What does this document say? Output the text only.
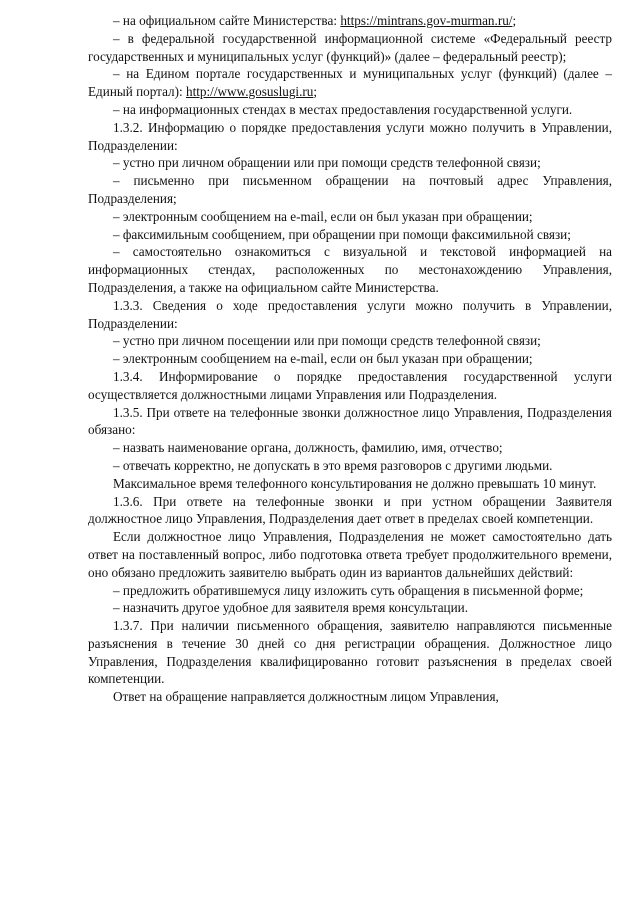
– на официальном сайте Министерства: https://mintrans.gov-murman.ru/;

– в федеральной государственной информационной системе «Федеральный реестр государственных и муниципальных услуг (функций)» (далее – федеральный реестр);

– на Едином портале государственных и муниципальных услуг (функций) (далее – Единый портал): http://www.gosuslugi.ru;

– на информационных стендах в местах предоставления государственной услуги.

1.3.2. Информацию о порядке предоставления услуги можно получить в Управлении, Подразделении:

– устно при личном обращении или при помощи средств телефонной связи;

– письменно при письменном обращении на почтовый адрес Управления, Подразделения;

– электронным сообщением на e-mail, если он был указан при обращении;

– факсимильным сообщением, при обращении при помощи факсимильной связи;

– самостоятельно ознакомиться с визуальной и текстовой информацией на информационных стендах, расположенных по местонахождению Управления, Подразделения, а также на официальном сайте Министерства.

1.3.3. Сведения о ходе предоставления услуги можно получить в Управлении, Подразделении:

– устно при личном посещении или при помощи средств телефонной связи;

– электронным сообщением на e-mail, если он был указан при обращении;

1.3.4. Информирование о порядке предоставления государственной услуги осуществляется должностными лицами Управления или Подразделения.

1.3.5. При ответе на телефонные звонки должностное лицо Управления, Подразделения обязано:

– назвать наименование органа, должность, фамилию, имя, отчество;

– отвечать корректно, не допускать в это время разговоров с другими людьми.

Максимальное время телефонного консультирования не должно превышать 10 минут.

1.3.6. При ответе на телефонные звонки и при устном обращении Заявителя должностное лицо Управления, Подразделения дает ответ в пределах своей компетенции.

Если должностное лицо Управления, Подразделения не может самостоятельно дать ответ на поставленный вопрос, либо подготовка ответа требует продолжительного времени, оно обязано предложить заявителю выбрать один из вариантов дальнейших действий:

– предложить обратившемуся лицу изложить суть обращения в письменной форме;

– назначить другое удобное для заявителя время консультации.

1.3.7. При наличии письменного обращения, заявителю направляются письменные разъяснения в течение 30 дней со дня регистрации обращения. Должностное лицо Управления, Подразделения квалифицированно готовит разъяснения в пределах своей компетенции.

Ответ на обращение направляется должностным лицом Управления,
